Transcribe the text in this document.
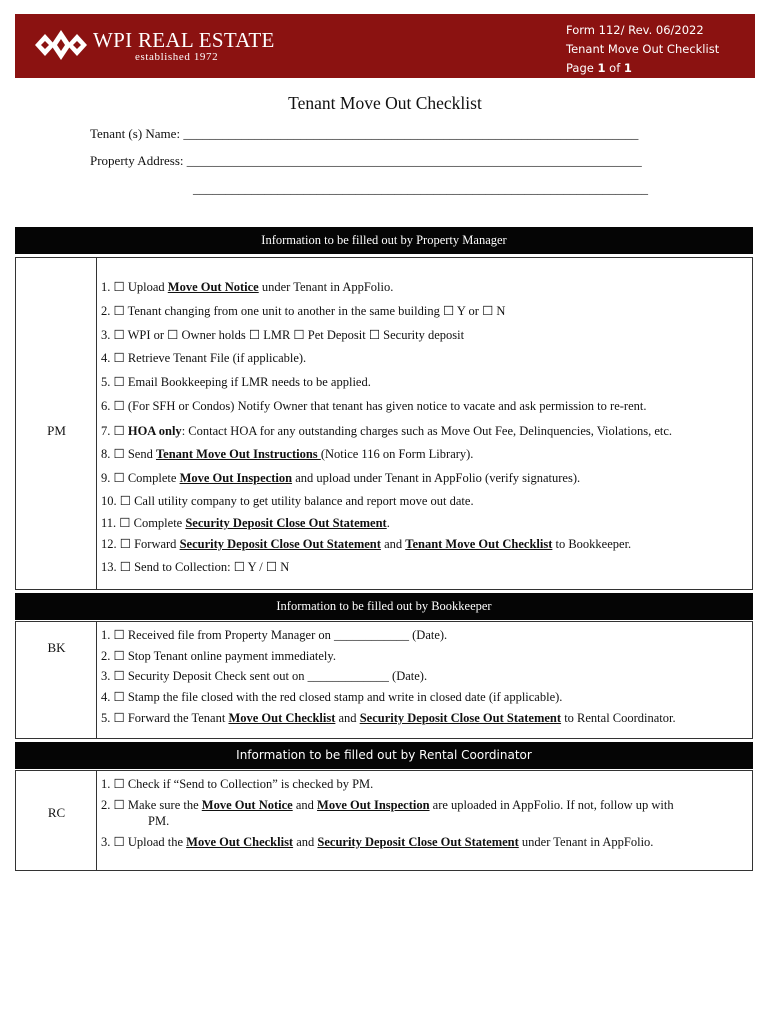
WPI REAL ESTATE
established 1972
Form 112/ Rev. 06/2022
Tenant Move Out Checklist
Page 1 of 1
Tenant Move Out Checklist
Tenant (s) Name: ______________________________________________________________________
Property Address: ______________________________________________________________________
______________________________________________________________________
Information to be filled out by Property Manager
PM
1. ☐ Upload Move Out Notice under Tenant in AppFolio.
2. ☐ Tenant changing from one unit to another in the same building ☐ Y or ☐ N
3. ☐ WPI or ☐ Owner holds ☐ LMR ☐ Pet Deposit ☐ Security deposit
4. ☐ Retrieve Tenant File (if applicable).
5. ☐ Email Bookkeeping if LMR needs to be applied.
6. ☐ (For SFH or Condos) Notify Owner that tenant has given notice to vacate and ask permission to re-rent.
7. ☐ HOA only: Contact HOA for any outstanding charges such as Move Out Fee, Delinquencies, Violations, etc.
8. ☐ Send Tenant Move Out Instructions (Notice 116 on Form Library).
9. ☐ Complete Move Out Inspection and upload under Tenant in AppFolio (verify signatures).
10. ☐ Call utility company to get utility balance and report move out date.
11. ☐ Complete Security Deposit Close Out Statement.
12. ☐ Forward Security Deposit Close Out Statement and Tenant Move Out Checklist to Bookkeeper.
13. ☐ Send to Collection: ☐ Y / ☐ N
Information to be filled out by Bookkeeper
BK
1. ☐ Received file from Property Manager on ____________ (Date).
2. ☐ Stop Tenant online payment immediately.
3. ☐ Security Deposit Check sent out on _____________ (Date).
4. ☐ Stamp the file closed with the red closed stamp and write in closed date (if applicable).
5. ☐ Forward the Tenant Move Out Checklist and Security Deposit Close Out Statement to Rental Coordinator.
Information to be filled out by Rental Coordinator
RC
1. ☐ Check if “Send to Collection” is checked by PM.
2. ☐ Make sure the Move Out Notice and Move Out Inspection are uploaded in AppFolio. If not, follow up with
PM.
3. ☐ Upload the Move Out Checklist and Security Deposit Close Out Statement under Tenant in AppFolio.
